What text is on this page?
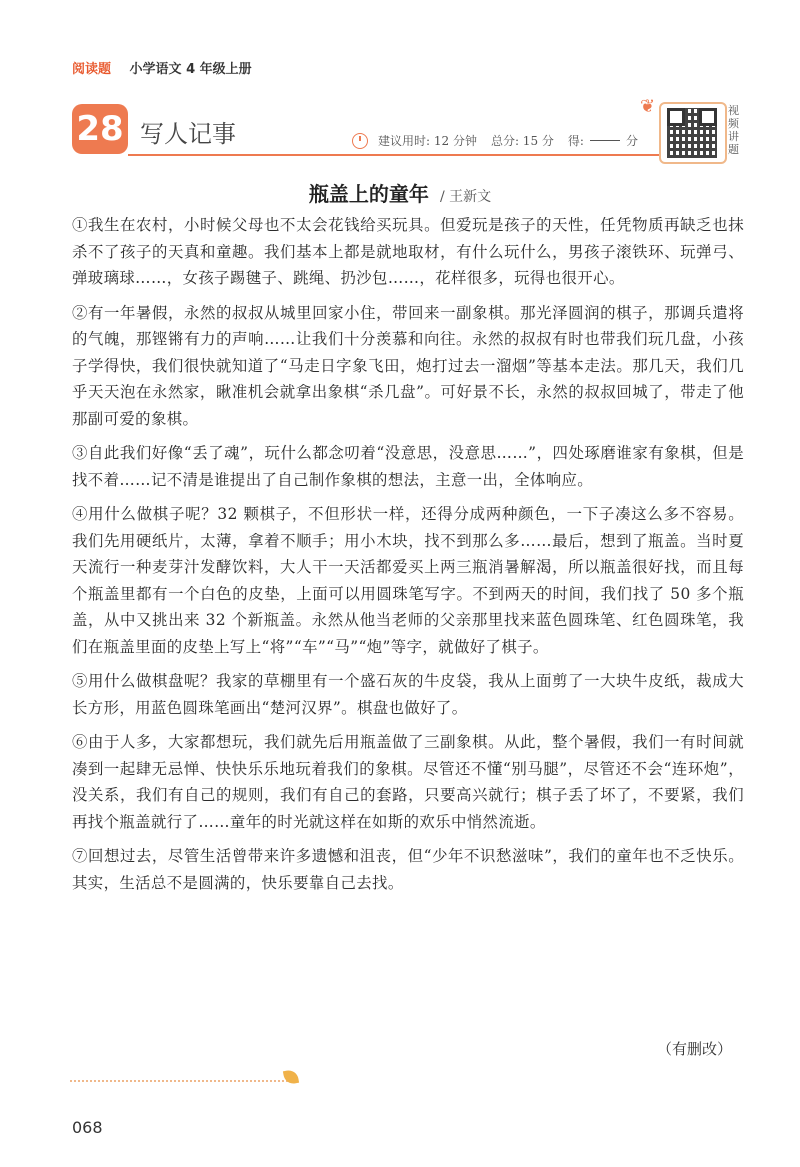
阅读题 小学语文 4 年级上册
28 写人记事	建议用时: 12 分钟 总分: 15 分 得:	分
❦	视频讲题
瓶盖上的童年 / 王新文

①我生在农村，小时候父母也不太会花钱给买玩具。但爱玩是孩子的天性，任凭物质再缺乏也抹杀不了孩子的天真和童趣。我们基本上都是就地取材，有什么玩什么，男孩子滚铁环、玩弹弓、弹玻璃球……，女孩子踢毽子、跳绳、扔沙包……，花样很多，玩得也很开心。

②有一年暑假，永然的叔叔从城里回家小住，带回来一副象棋。那光泽圆润的棋子，那调兵遣将的气魄，那铿锵有力的声响……让我们十分羡慕和向往。永然的叔叔有时也带我们玩几盘，小孩子学得快，我们很快就知道了“马走日字象飞田，炮打过去一溜烟”等基本走法。那几天，我们几乎天天泡在永然家，瞅准机会就拿出象棋“杀几盘”。可好景不长，永然的叔叔回城了，带走了他那副可爱的象棋。

③自此我们好像“丢了魂”，玩什么都念叨着“没意思，没意思……”，四处琢磨谁家有象棋，但是找不着……记不清是谁提出了自己制作象棋的想法，主意一出，全体响应。

④用什么做棋子呢？32 颗棋子，不但形状一样，还得分成两种颜色，一下子凑这么多不容易。我们先用硬纸片，太薄，拿着不顺手；用小木块，找不到那么多……最后，想到了瓶盖。当时夏天流行一种麦芽汁发酵饮料，大人干一天活都爱买上两三瓶消暑解渴，所以瓶盖很好找，而且每个瓶盖里都有一个白色的皮垫，上面可以用圆珠笔写字。不到两天的时间，我们找了 50 多个瓶盖，从中又挑出来 32 个新瓶盖。永然从他当老师的父亲那里找来蓝色圆珠笔、红色圆珠笔，我们在瓶盖里面的皮垫上写上“将”“车”“马”“炮”等字，就做好了棋子。

⑤用什么做棋盘呢？我家的草棚里有一个盛石灰的牛皮袋，我从上面剪了一大块牛皮纸，裁成大长方形，用蓝色圆珠笔画出“楚河汉界”。棋盘也做好了。

⑥由于人多，大家都想玩，我们就先后用瓶盖做了三副象棋。从此，整个暑假，我们一有时间就凑到一起肆无忌惮、快快乐乐地玩着我们的象棋。尽管还不懂“别马腿”，尽管还不会“连环炮”，没关系，我们有自己的规则，我们有自己的套路，只要高兴就行；棋子丢了坏了，不要紧，我们再找个瓶盖就行了……童年的时光就这样在如斯的欢乐中悄然流逝。

⑦回想过去，尽管生活曾带来许多遗憾和沮丧，但“少年不识愁滋味”，我们的童年也不乏快乐。其实，生活总不是圆满的，快乐要靠自己去找。

（有删改）
068
